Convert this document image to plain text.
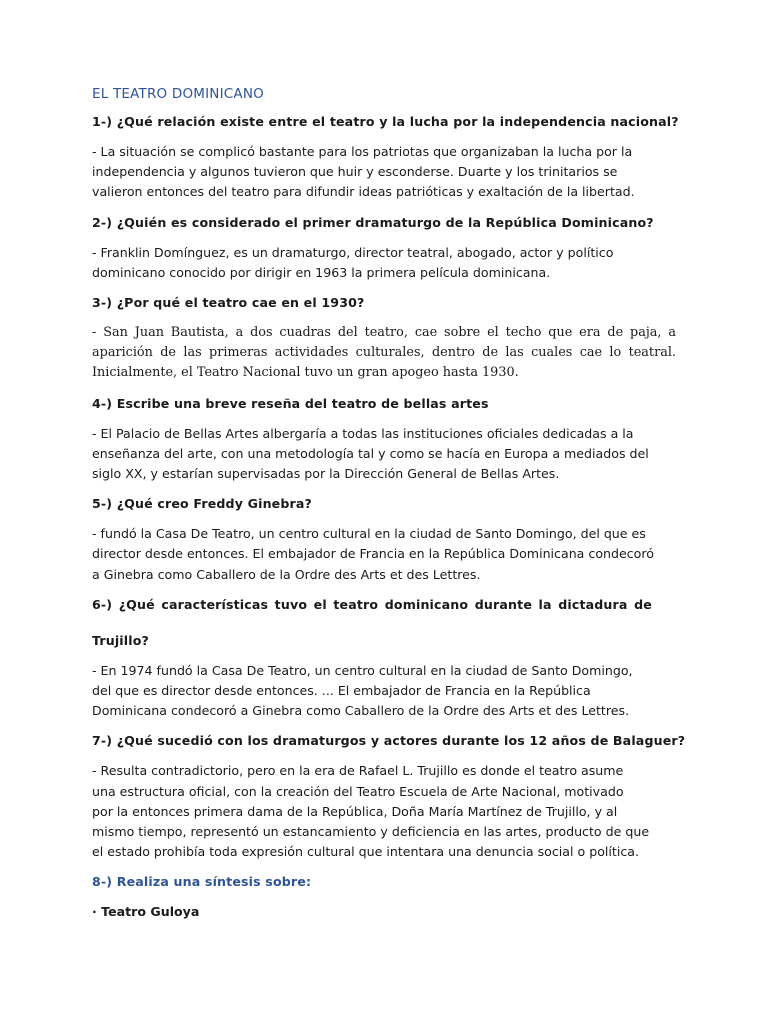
EL TEATRO DOMINICANO
1-) ¿Qué relación existe entre el teatro y la lucha por la independencia nacional?
- La situación se complicó bastante para los patriotas que organizaban la lucha por la
independencia y algunos tuvieron que huir y esconderse. Duarte y los trinitarios se
valieron entonces del teatro para difundir ideas patrióticas y exaltación de la libertad.
2-) ¿Quién es considerado el primer dramaturgo de la República Dominicano?
- Franklin Domínguez, es un dramaturgo, director teatral, abogado, actor y político
dominicano conocido por dirigir en 1963 la primera película dominicana.
3-) ¿Por qué el teatro cae en el 1930?
- San Juan Bautista, a dos cuadras del teatro, cae sobre el techo que era de paja, a
aparición de las primeras actividades culturales, dentro de las cuales cae lo teatral.
Inicialmente, el Teatro Nacional tuvo un gran apogeo hasta 1930.
4-) Escribe una breve reseña del teatro de bellas artes
- El Palacio de Bellas Artes albergaría a todas las instituciones oficiales dedicadas a la
enseñanza del arte, con una metodología tal y como se hacía en Europa a mediados del
siglo XX, y estarían supervisadas por la Dirección General de Bellas Artes.
5-) ¿Qué creo Freddy Ginebra?
- fundó la Casa De Teatro, un centro cultural en la ciudad de Santo Domingo, del que es
director desde entonces. El embajador de Francia en la República Dominicana condecoró
a Ginebra como Caballero de la Ordre des Arts et des Lettres.
6-) ¿Qué características tuvo el teatro dominicano durante la dictadura de
Trujillo?
- En 1974 fundó la Casa De Teatro, un centro cultural en la ciudad de Santo Domingo,
del que es director desde entonces. ... El embajador de Francia en la República
Dominicana condecoró a Ginebra como Caballero de la Ordre des Arts et des Lettres.
7-) ¿Qué sucedió con los dramaturgos y actores durante los 12 años de Balaguer?
- Resulta contradictorio, pero en la era de Rafael L. Trujillo es donde el teatro asume
una estructura oficial, con la creación del Teatro Escuela de Arte Nacional, motivado
por la entonces primera dama de la República, Doña María Martínez de Trujillo, y al
mismo tiempo, representó un estancamiento y deficiencia en las artes, producto de que
el estado prohibía toda expresión cultural que intentara una denuncia social o política.
8-) Realiza una síntesis sobre:
· Teatro Guloya
